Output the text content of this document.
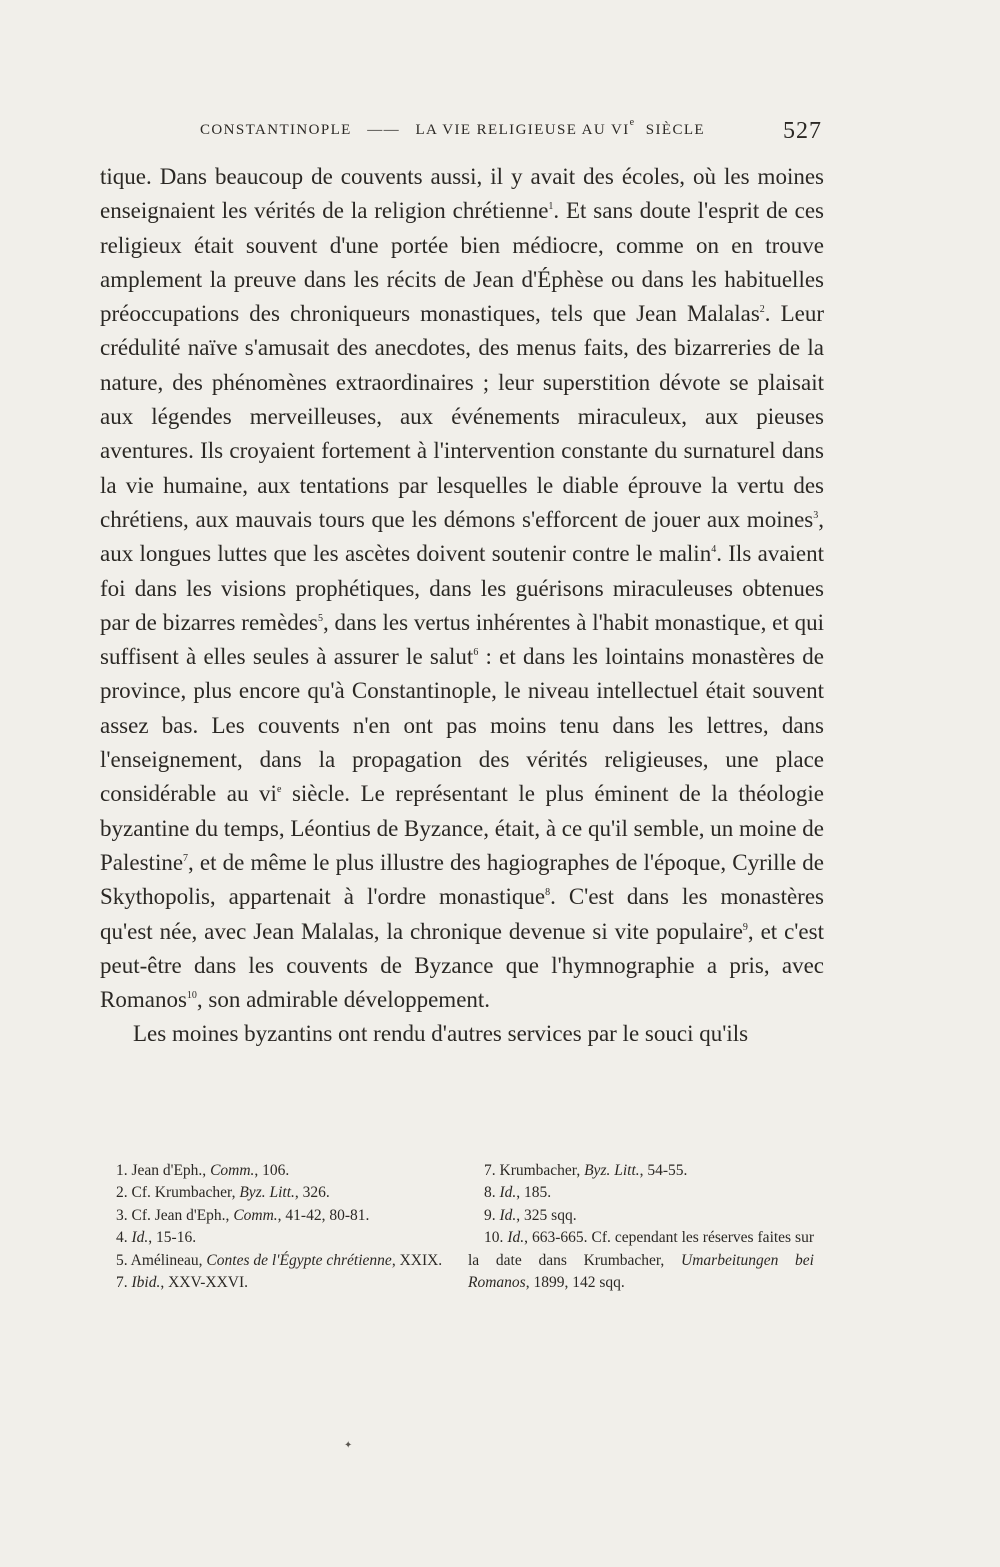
CONSTANTINOPLE —— LA VIE RELIGIEUSE AU VIe SIÈCLE	527

tique. Dans beaucoup de couvents aussi, il y avait des écoles, où les moines enseignaient les vérités de la religion chrétienne$^1$. Et sans doute l'esprit de ces religieux était souvent d'une portée bien médiocre, comme on en trouve amplement la preuve dans les récits de Jean d'Éphèse ou dans les habituelles préoccupations des chroniqueurs monastiques, tels que Jean Malalas$^2$. Leur crédulité naïve s'amusait des anecdotes, des menus faits, des bizarreries de la nature, des phénomènes extraordinaires ; leur superstition dévote se plaisait aux légendes merveilleuses, aux événements miraculeux, aux pieuses aventures. Ils croyaient fortement à l'intervention constante du surnaturel dans la vie humaine, aux tentations par lesquelles le diable éprouve la vertu des chrétiens, aux mauvais tours que les démons s'efforcent de jouer aux moines$^3$, aux longues luttes que les ascètes doivent soutenir contre le malin$^4$. Ils avaient foi dans les visions prophétiques, dans les guérisons miraculeuses obtenues par de bizarres remèdes$^5$, dans les vertus inhérentes à l'habit monastique, et qui suffisent à elles seules à assurer le salut$^6$ : et dans les lointains monastères de province, plus encore qu'à Constantinople, le niveau intellectuel était souvent assez bas. Les couvents n'en ont pas moins tenu dans les lettres, dans l'enseignement, dans la propagation des vérités religieuses, une place considérable au $vi^e$ siècle. Le représentant le plus éminent de la théologie byzantine du temps, Léontius de Byzance, était, à ce qu'il semble, un moine de Palestine$^7$, et de même le plus illustre des hagiographes de l'époque, Cyrille de Skythopolis, appartenait à l'ordre monastique$^8$. C'est dans les monastères qu'est née, avec Jean Malalas, la chronique devenue si vite populaire$^9$, et c'est peut-être dans les couvents de Byzance que l'hymnographie a pris, avec Romanos$^{10}$, son admirable développement.

Les moines byzantins ont rendu d'autres services par le souci qu'ils

1. Jean d'Eph., Comm., 106.

2. Cf. Krumbacher, Byz. Litt., 326.

3. Cf. Jean d'Eph., Comm., 41-42, 80-81.

4. Id., 15-16.

5. Amélineau, Contes de l'Égypte chrétienne, XXIX.

7. Ibid., XXV-XXVI.

7. Krumbacher, Byz. Litt., 54-55.

8. Id., 185.

9. Id., 325 sqq.

10. Id., 663-665. Cf. cependant les réserves faites sur la date dans Krumbacher, Umarbeitungen bei Romanos, 1899, 142 sqq.

✦
